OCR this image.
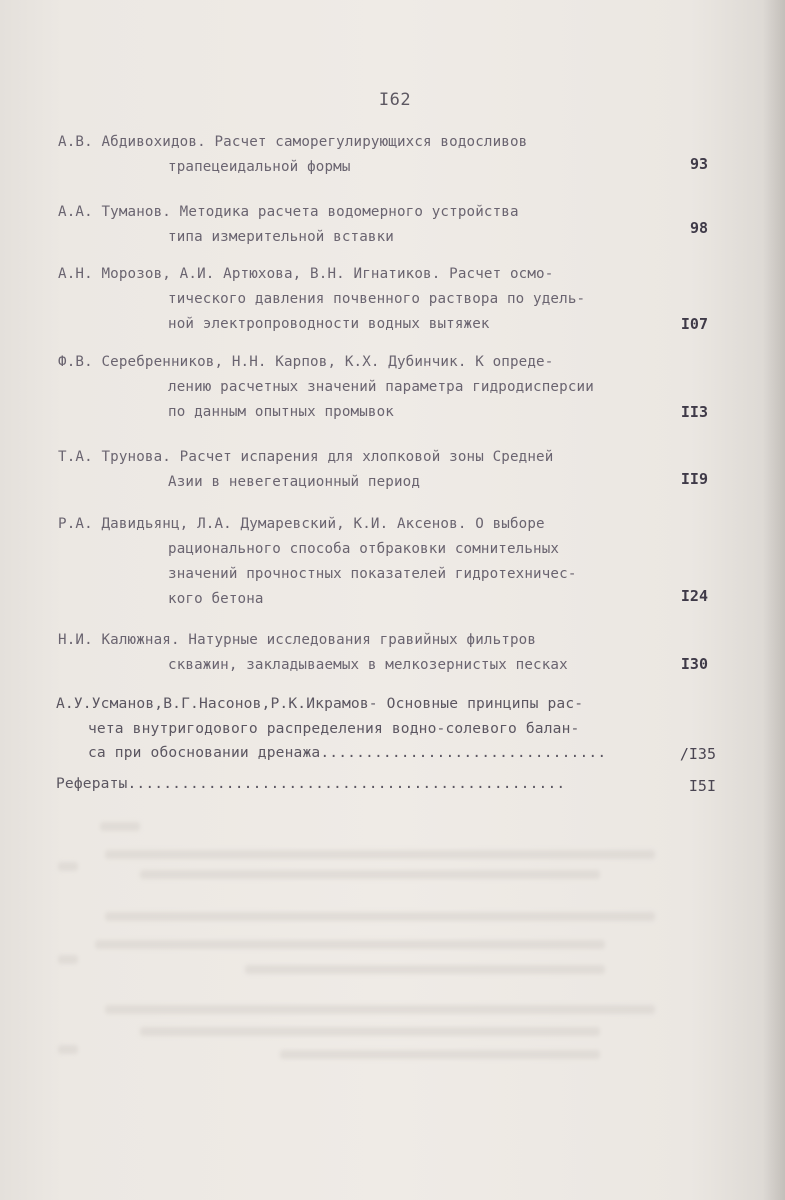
I62
А.В. Абдивохидов. Расчет саморегулирующихся водосливов
трапецеидальной формы	93
А.А. Туманов. Методика расчета водомерного устройства
типа измерительной вставки	98
А.Н. Морозов, А.И. Артюхова, В.Н. Игнатиков. Расчет осмо-
тического давления почвенного раствора по удель-
ной электропроводности водных вытяжек	I07
Ф.В. Серебренников, Н.Н. Карпов, К.Х. Дубинчик. К опреде-
лению расчетных значений параметра гидродисперсии
по данным опытных промывок	II3
Т.А. Трунова. Расчет испарения для хлопковой зоны Средней
Азии в невегетационный период	II9
Р.А. Давидьянц, Л.А. Думаревский, К.И. Аксенов. О выборе
рационального способа отбраковки сомнительных
значений прочностных показателей гидротехничес-
кого бетона	I24
Н.И. Калюжная. Натурные исследования гравийных фильтров
скважин, закладываемых в мелкозернистых песках	I30
А.У.Усманов,В.Г.Насонов,Р.К.Икрамов- Основные принципы рас-
чета внутригодового распределения водно-солевого балан-
са при обосновании дренажа................................	/I35
Рефераты.................................................	I5I
